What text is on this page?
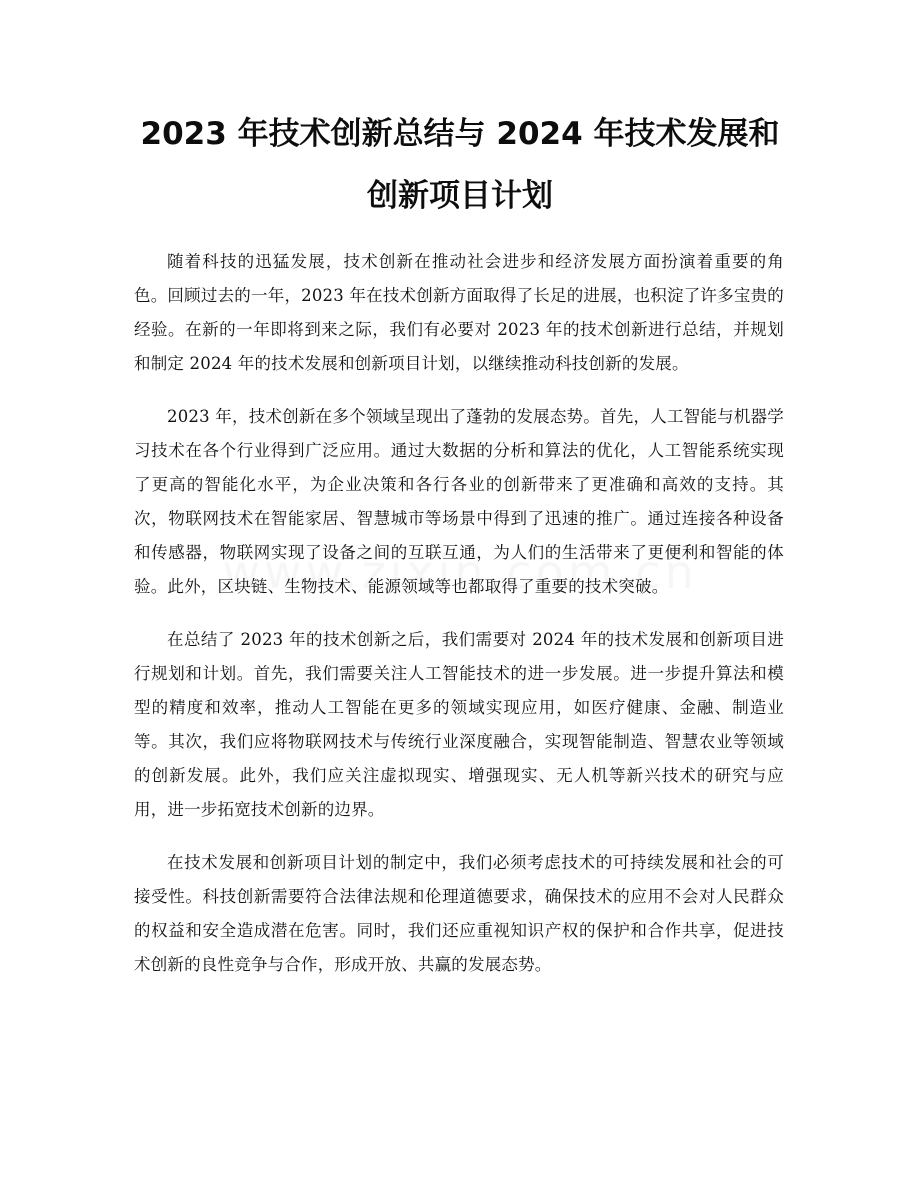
2023 年技术创新总结与 2024 年技术发展和
创新项目计划

随着科技的迅猛发展，技术创新在推动社会进步和经济发展方面扮演着重要的角色。回顾过去的一年，2023 年在技术创新方面取得了长足的进展，也积淀了许多宝贵的经验。在新的一年即将到来之际，我们有必要对 2023 年的技术创新进行总结，并规划和制定 2024 年的技术发展和创新项目计划，以继续推动科技创新的发展。

2023 年，技术创新在多个领域呈现出了蓬勃的发展态势。首先，人工智能与机器学习技术在各个行业得到广泛应用。通过大数据的分析和算法的优化，人工智能系统实现了更高的智能化水平，为企业决策和各行各业的创新带来了更准确和高效的支持。其次，物联网技术在智能家居、智慧城市等场景中得到了迅速的推广。通过连接各种设备和传感器，物联网实现了设备之间的互联互通，为人们的生活带来了更便利和智能的体验。此外，区块链、生物技术、能源领域等也都取得了重要的技术突破。

在总结了 2023 年的技术创新之后，我们需要对 2024 年的技术发展和创新项目进行规划和计划。首先，我们需要关注人工智能技术的进一步发展。进一步提升算法和模型的精度和效率，推动人工智能在更多的领域实现应用，如医疗健康、金融、制造业等。其次，我们应将物联网技术与传统行业深度融合，实现智能制造、智慧农业等领域的创新发展。此外，我们应关注虚拟现实、增强现实、无人机等新兴技术的研究与应用，进一步拓宽技术创新的边界。

在技术发展和创新项目计划的制定中，我们必须考虑技术的可持续发展和社会的可接受性。科技创新需要符合法律法规和伦理道德要求，确保技术的应用不会对人民群众的权益和安全造成潜在危害。同时，我们还应重视知识产权的保护和合作共享，促进技术创新的良性竞争与合作，形成开放、共赢的发展态势。
